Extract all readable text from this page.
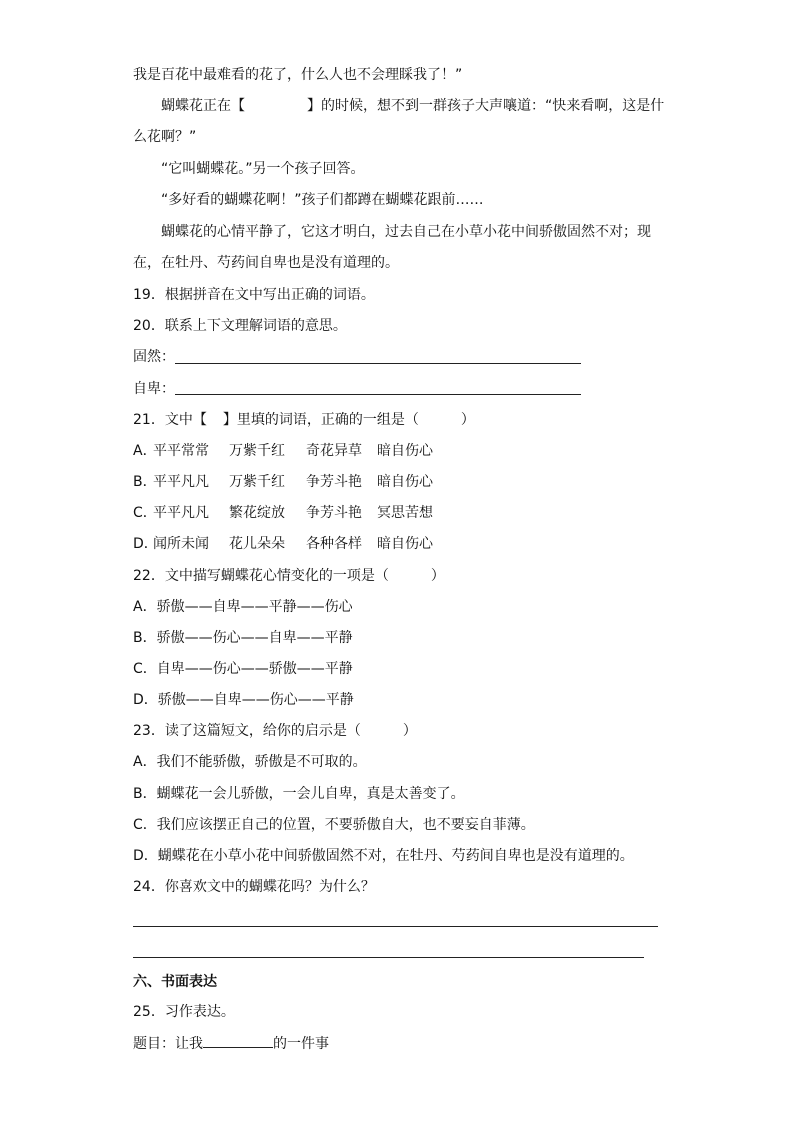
我是百花中最难看的花了，什么人也不会理睬我了！”
蝴蝶花正在【	】的时候，想不到一群孩子大声嚷道：“快来看啊，这是什
么花啊？”
“它叫蝴蝶花。”另一个孩子回答。
“多好看的蝴蝶花啊！”孩子们都蹲在蝴蝶花跟前……
蝴蝶花的心情平静了，它这才明白，过去自己在小草小花中间骄傲固然不对；现
在，在牡丹、芍药间自卑也是没有道理的。
19．根据拼音在文中写出正确的词语。
20．联系上下文理解词语的意思。
固然：
自卑：
21．文中【 】里填的词语，正确的一组是（	）
A．
平平常常 万紫千红 奇花异草 暗自伤心
B．
平平凡凡 万紫千红 争芳斗艳 暗自伤心
C．
平平凡凡 繁花绽放 争芳斗艳 冥思苦想
D．
闻所未闻 花儿朵朵 各种各样 暗自伤心
22．文中描写蝴蝶花心情变化的一项是（	）
A．骄傲——自卑——平静——伤心
B．骄傲——伤心——自卑——平静
C．自卑——伤心——骄傲——平静
D．骄傲——自卑——伤心——平静
23．读了这篇短文，给你的启示是（	）
A．我们不能骄傲，骄傲是不可取的。
B．蝴蝶花一会儿骄傲，一会儿自卑，真是太善变了。
C．我们应该摆正自己的位置，不要骄傲自大，也不要妄自菲薄。
D．蝴蝶花在小草小花中间骄傲固然不对，在牡丹、芍药间自卑也是没有道理的。
24．你喜欢文中的蝴蝶花吗？为什么？
六、书面表达
25．习作表达。
题目：让我	的一件事
